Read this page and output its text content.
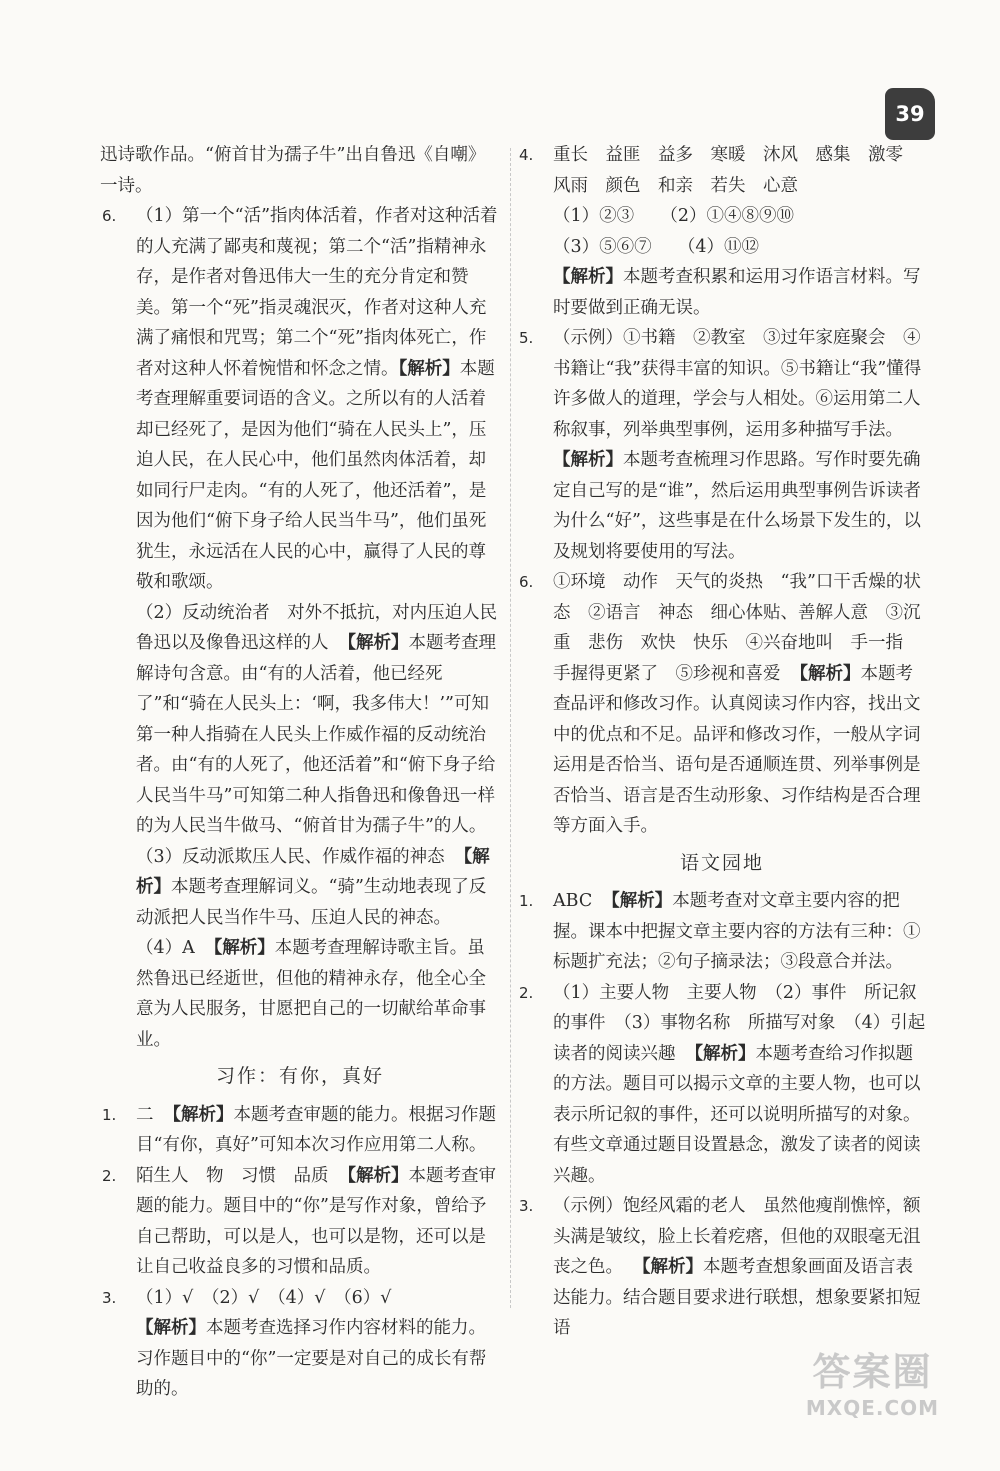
39
迅诗歌作品。“俯首甘为孺子牛”出自鲁迅《自嘲》一诗。
6. （1）第一个“活”指肉体活着，作者对这种活着的人充满了鄙夷和蔑视；第二个“活”指精神永存，是作者对鲁迅伟大一生的充分肯定和赞美。第一个“死”指灵魂泯灭，作者对这种人充满了痛恨和咒骂；第二个“死”指肉体死亡，作者对这种人怀着惋惜和怀念之情。【解析】本题考查理解重要词语的含义。之所以有的人活着却已经死了，是因为他们“骑在人民头上”，压迫人民，在人民心中，他们虽然肉体活着，却如同行尸走肉。“有的人死了，他还活着”，是因为他们“俯下身子给人民当牛马”，他们虽死犹生，永远活在人民的心中，赢得了人民的尊敬和歌颂。
（2）反动统治者　对外不抵抗，对内压迫人民　鲁迅以及像鲁迅这样的人 【解析】本题考查理解诗句含意。由“有的人活着，他已经死了”和“骑在人民头上：‘啊，我多伟大！’”可知第一种人指骑在人民头上作威作福的反动统治者。由“有的人死了，他还活着”和“俯下身子给人民当牛马”可知第二种人指鲁迅和像鲁迅一样的为人民当牛做马、“俯首甘为孺子牛”的人。
（3）反动派欺压人民、作威作福的神态 【解析】本题考查理解词义。“骑”生动地表现了反动派把人民当作牛马、压迫人民的神态。
（4）A 【解析】本题考查理解诗歌主旨。虽然鲁迅已经逝世，但他的精神永存，他全心全意为人民服务，甘愿把自己的一切献给革命事业。
习作：有你，真好
1. 二 【解析】本题考查审题的能力。根据习作题目“有你，真好”可知本次习作应用第二人称。
2. 陌生人　物　习惯　品质 【解析】本题考查审题的能力。题目中的“你”是写作对象，曾给予自己帮助，可以是人，也可以是物，还可以是让自己收益良多的习惯和品质。
3. （1）√　（2）√　（4）√　（6）√
【解析】本题考查选择习作内容材料的能力。习作题目中的“你”一定要是对自己的成长有帮助的。
4. 重长　益匪　益多　寒暖　沐风　感集　激零　风雨　颜色　和亲　若失　心意
（1）②③　　（2）①④⑧⑨⑩
（3）⑤⑥⑦　　（4）⑪⑫
【解析】本题考查积累和运用习作语言材料。写时要做到正确无误。
5. （示例）①书籍　②教室　③过年家庭聚会　④书籍让“我”获得丰富的知识。⑤书籍让“我”懂得许多做人的道理，学会与人相处。⑥运用第二人称叙事，列举典型事例，运用多种描写手法。
【解析】本题考查梳理习作思路。写作时要先确定自己写的是“谁”，然后运用典型事例告诉读者为什么“好”，这些事是在什么场景下发生的，以及规划将要使用的写法。
6. ①环境　动作　天气的炎热　“我”口干舌燥的状态　②语言　神态　细心体贴、善解人意　③沉重　悲伤　欢快　快乐　④兴奋地叫　手一指　手握得更紧了　⑤珍视和喜爱 【解析】本题考查品评和修改习作。认真阅读习作内容，找出文中的优点和不足。品评和修改习作，一般从字词运用是否恰当、语句是否通顺连贯、列举事例是否恰当、语言是否生动形象、习作结构是否合理等方面入手。
语文园地
1. ABC 【解析】本题考查对文章主要内容的把握。课本中把握文章主要内容的方法有三种：①标题扩充法；②句子摘录法；③段意合并法。
2. （1）主要人物　主要人物　（2）事件　所记叙的事件　（3）事物名称　所描写对象　（4）引起读者的阅读兴趣 【解析】本题考查给习作拟题的方法。题目可以揭示文章的主要人物，也可以表示所记叙的事件，还可以说明所描写的对象。有些文章通过题目设置悬念，激发了读者的阅读兴趣。
3. （示例）饱经风霜的老人　虽然他瘦削憔悴，额头满是皱纹，脸上长着疙瘩，但他的双眼毫无沮丧之色。 【解析】本题考查想象画面及语言表达能力。结合题目要求进行联想，想象要紧扣短语
答案圈
MXQE.COM
